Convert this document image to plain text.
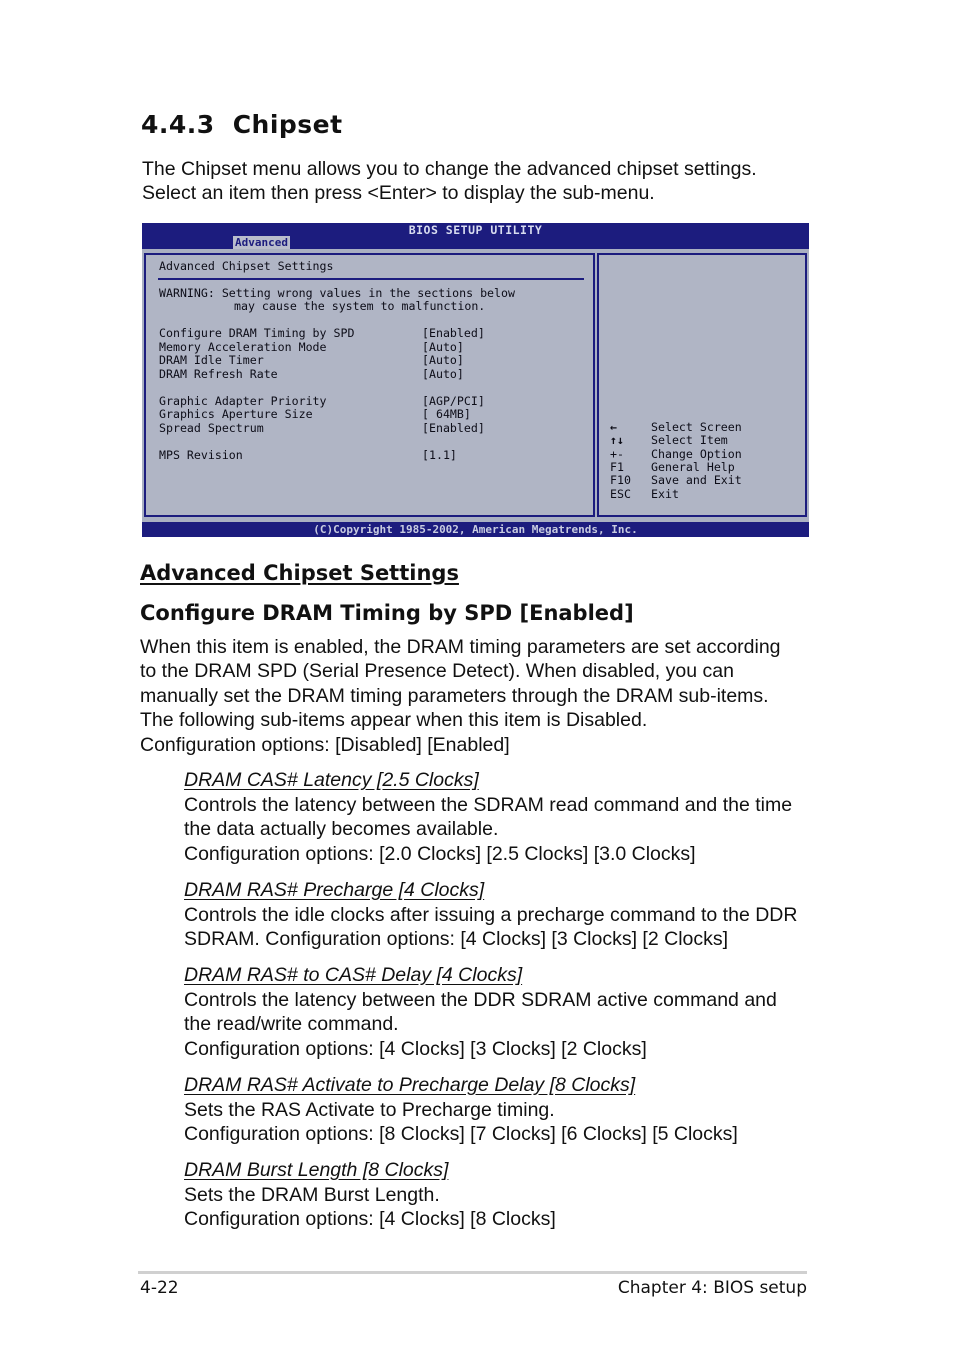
4.4.3 Chipset
The Chipset menu allows you to change the advanced chipset settings.
Select an item then press <Enter> to display the sub-menu.
BIOS SETUP UTILITY
Advanced
Advanced Chipset Settings
WARNING: Setting wrong values in the sections below
may cause the system to malfunction.
Configure DRAM Timing by SPD	[Enabled]
Memory Acceleration Mode	[Auto]
DRAM Idle Timer	[Auto]
DRAM Refresh Rate	[Auto]
Graphic Adapter Priority	[AGP/PCI]
Graphics Aperture Size	[ 64MB]
Spread Spectrum	[Enabled]
MPS Revision	[1.1]
←	Select Screen
↑↓ Select Item
+- Change Option
F1 General Help
F10 Save and Exit
ESC Exit
(C)Copyright 1985-2002, American Megatrends, Inc.
Advanced Chipset Settings
Configure DRAM Timing by SPD [Enabled]
When this item is enabled, the DRAM timing parameters are set according
to the DRAM SPD (Serial Presence Detect). When disabled, you can
manually set the DRAM timing parameters through the DRAM sub-items.
The following sub-items appear when this item is Disabled.
Configuration options: [Disabled] [Enabled]
DRAM CAS# Latency [2.5 Clocks]
Controls the latency between the SDRAM read command and the time
the data actually becomes available.
Configuration options: [2.0 Clocks] [2.5 Clocks] [3.0 Clocks]
DRAM RAS# Precharge [4 Clocks]
Controls the idle clocks after issuing a precharge command to the DDR
SDRAM. Configuration options: [4 Clocks] [3 Clocks] [2 Clocks]
DRAM RAS# to CAS# Delay [4 Clocks]
Controls the latency between the DDR SDRAM active command and
the read/write command.
Configuration options: [4 Clocks] [3 Clocks] [2 Clocks]
DRAM RAS# Activate to Precharge Delay [8 Clocks]
Sets the RAS Activate to Precharge timing.
Configuration options: [8 Clocks] [7 Clocks] [6 Clocks] [5 Clocks]
DRAM Burst Length [8 Clocks]
Sets the DRAM Burst Length.
Configuration options: [4 Clocks] [8 Clocks]
4-22	Chapter 4: BIOS setup
